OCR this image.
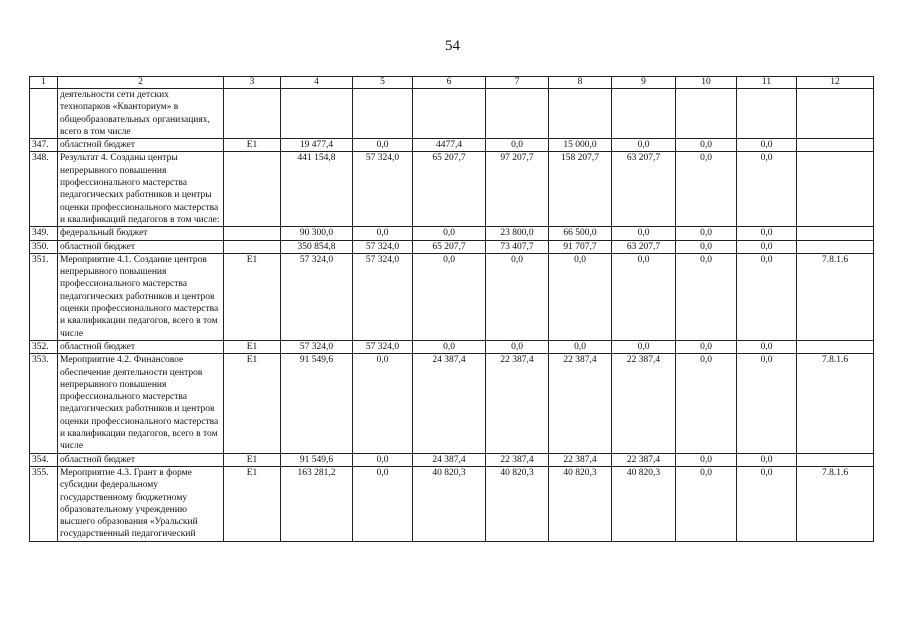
54
1	2	3	4	5	6	7	8	9	10	11	12
	деятельности сети детских технопарков «Кванториум» в общеобразовательных организациях, всего в том числе										
347.	областной бюджет	Е1	19 477,4	0,0	4477,4	0,0	15 000,0	0,0	0,0	0,0	
348.	Результат 4. Созданы центры непрерывного повышения профессионального мастерства педагогических работников и центры оценки профессионального мастерства и квалификаций педагогов в том числе:		441 154,8	57 324,0	65 207,7	97 207,7	158 207,7	63 207,7	0,0	0,0	
349.	федеральный бюджет		90 300,0	0,0	0,0	23 800,0	66 500,0	0,0	0,0	0,0	
350.	областной бюджет		350 854,8	57 324,0	65 207,7	73 407,7	91 707,7	63 207,7	0,0	0,0	
351.	Мероприятие 4.1. Создание центров непрерывного повышения профессионального мастерства педагогических работников и центров оценки профессионального мастерства и квалификации педагогов, всего в том числе	Е1	57 324,0	57 324,0	0,0	0,0	0,0	0,0	0,0	0,0	7.8.1.6
352.	областной бюджет	Е1	57 324,0	57 324,0	0,0	0,0	0,0	0,0	0,0	0,0	
353.	Мероприятие 4.2. Финансовое обеспечение деятельности центров непрерывного повышения профессионального мастерства педагогических работников и центров оценки профессионального мастерства и квалификации педагогов, всего в том числе	Е1	91 549,6	0,0	24 387,4	22 387,4	22 387,4	22 387,4	0,0	0,0	7.8.1.6
354.	областной бюджет	Е1	91 549,6	0,0	24 387,4	22 387,4	22 387,4	22 387,4	0,0	0,0	
355.	Мероприятие 4.3. Грант в форме субсидии федеральному государственному бюджетному образовательному учреждению высшего образования «Уральский государственный педагогический	Е1	163 281,2	0,0	40 820,3	40 820,3	40 820,3	40 820,3	0,0	0,0	7.8.1.6
